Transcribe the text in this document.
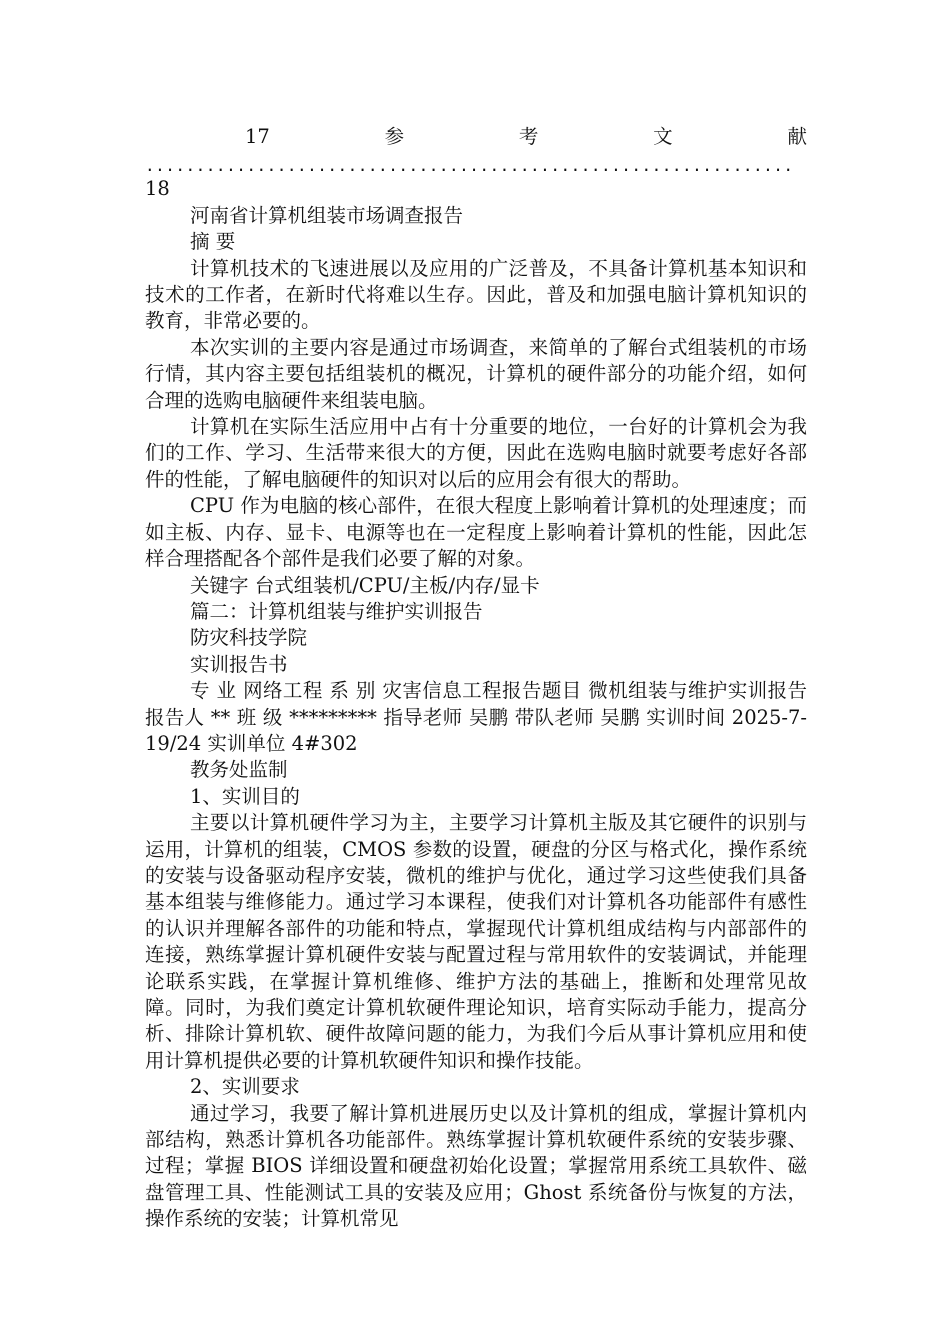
17	参	考	文	献
................................................................
18
河南省计算机组装市场调查报告
摘 要
计算机技术的飞速进展以及应用的广泛普及，不具备计算机基本知识和技术的工作者，在新时代将难以生存。因此，普及和加强电脑计算机知识的教育，非常必要的。
本次实训的主要内容是通过市场调查，来简单的了解台式组装机的市场行情，其内容主要包括组装机的概况，计算机的硬件部分的功能介绍，如何合理的选购电脑硬件来组装电脑。
计算机在实际生活应用中占有十分重要的地位，一台好的计算机会为我们的工作、学习、生活带来很大的方便，因此在选购电脑时就要考虑好各部件的性能，了解电脑硬件的知识对以后的应用会有很大的帮助。
CPU 作为电脑的核心部件，在很大程度上影响着计算机的处理速度；而如主板、内存、显卡、电源等也在一定程度上影响着计算机的性能，因此怎样合理搭配各个部件是我们必要了解的对象。
关键字 台式组装机/CPU/主板/内存/显卡
篇二：计算机组装与维护实训报告
防灾科技学院
实训报告书
专 业 网络工程 系 别 灾害信息工程报告题目 微机组装与维护实训报告 报告人 ** 班 级 ********* 指导老师 吴鹏 带队老师 吴鹏 实训时间 2025-7-19/24 实训单位 4#302
教务处监制
1、实训目的
主要以计算机硬件学习为主，主要学习计算机主版及其它硬件的识别与运用，计算机的组装，CMOS 参数的设置，硬盘的分区与格式化，操作系统的安装与设备驱动程序安装，微机的维护与优化，通过学习这些使我们具备基本组装与维修能力。通过学习本课程，使我们对计算机各功能部件有感性的认识并理解各部件的功能和特点，掌握现代计算机组成结构与内部部件的连接，熟练掌握计算机硬件安装与配置过程与常用软件的安装调试，并能理论联系实践，在掌握计算机维修、维护方法的基础上，推断和处理常见故障。同时，为我们奠定计算机软硬件理论知识，培育实际动手能力，提高分析、排除计算机软、硬件故障问题的能力，为我们今后从事计算机应用和使用计算机提供必要的计算机软硬件知识和操作技能。
2、实训要求
通过学习，我要了解计算机进展历史以及计算机的组成，掌握计算机内部结构，熟悉计算机各功能部件。熟练掌握计算机软硬件系统的安装步骤、过程；掌握 BIOS 详细设置和硬盘初始化设置；掌握常用系统工具软件、磁盘管理工具、性能测试工具的安装及应用；Ghost 系统备份与恢复的方法，操作系统的安装；计算机常见
